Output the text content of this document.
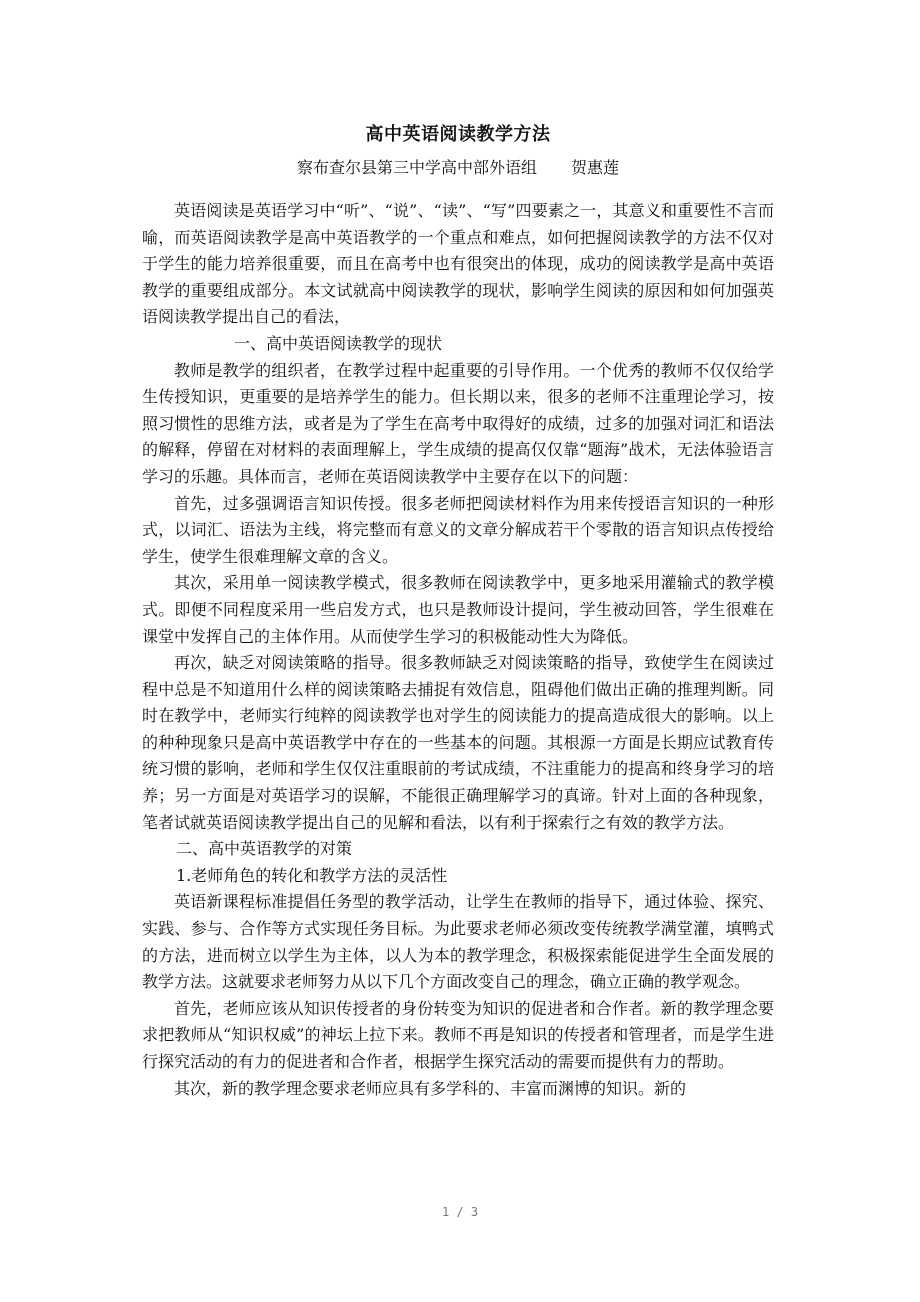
高中英语阅读教学方法

察布查尔县第三中学高中部外语组 贺惠莲

英语阅读是英语学习中“听”、“说”、“读”、“写”四要素之一，其意义和重要性不言而喻，而英语阅读教学是高中英语教学的一个重点和难点，如何把握阅读教学的方法不仅对于学生的能力培养很重要，而且在高考中也有很突出的体现，成功的阅读教学是高中英语教学的重要组成部分。本文试就高中阅读教学的现状，影响学生阅读的原因和如何加强英语阅读教学提出自己的看法，

一、高中英语阅读教学的现状

教师是教学的组织者，在教学过程中起重要的引导作用。一个优秀的教师不仅仅给学生传授知识，更重要的是培养学生的能力。但长期以来，很多的老师不注重理论学习，按照习惯性的思维方法，或者是为了学生在高考中取得好的成绩，过多的加强对词汇和语法的解释，停留在对材料的表面理解上，学生成绩的提高仅仅靠“题海”战术，无法体验语言学习的乐趣。具体而言，老师在英语阅读教学中主要存在以下的问题：

首先，过多强调语言知识传授。很多老师把阅读材料作为用来传授语言知识的一种形式，以词汇、语法为主线，将完整而有意义的文章分解成若干个零散的语言知识点传授给学生，使学生很难理解文章的含义。

其次，采用单一阅读教学模式，很多教师在阅读教学中，更多地采用灌输式的教学模式。即便不同程度采用一些启发方式，也只是教师设计提问，学生被动回答，学生很难在课堂中发挥自己的主体作用。从而使学生学习的积极能动性大为降低。

再次，缺乏对阅读策略的指导。很多教师缺乏对阅读策略的指导，致使学生在阅读过程中总是不知道用什么样的阅读策略去捕捉有效信息，阻碍他们做出正确的推理判断。同时在教学中，老师实行纯粹的阅读教学也对学生的阅读能力的提高造成很大的影响。以上的种种现象只是高中英语教学中存在的一些基本的问题。其根源一方面是长期应试教育传统习惯的影响，老师和学生仅仅注重眼前的考试成绩，不注重能力的提高和终身学习的培养；另一方面是对英语学习的误解，不能很正确理解学习的真谛。针对上面的各种现象，笔者试就英语阅读教学提出自己的见解和看法，以有利于探索行之有效的教学方法。

二、高中英语教学的对策

1.老师角色的转化和教学方法的灵活性

英语新课程标准提倡任务型的教学活动，让学生在教师的指导下，通过体验、探究、实践、参与、合作等方式实现任务目标。为此要求老师必须改变传统教学满堂灌，填鸭式的方法，进而树立以学生为主体，以人为本的教学理念，积极探索能促进学生全面发展的教学方法。这就要求老师努力从以下几个方面改变自己的理念，确立正确的教学观念。

首先，老师应该从知识传授者的身份转变为知识的促进者和合作者。新的教学理念要求把教师从“知识权威”的神坛上拉下来。教师不再是知识的传授者和管理者，而是学生进行探究活动的有力的促进者和合作者，根据学生探究活动的需要而提供有力的帮助。

其次，新的教学理念要求老师应具有多学科的、丰富而渊博的知识。新的

1 / 3
